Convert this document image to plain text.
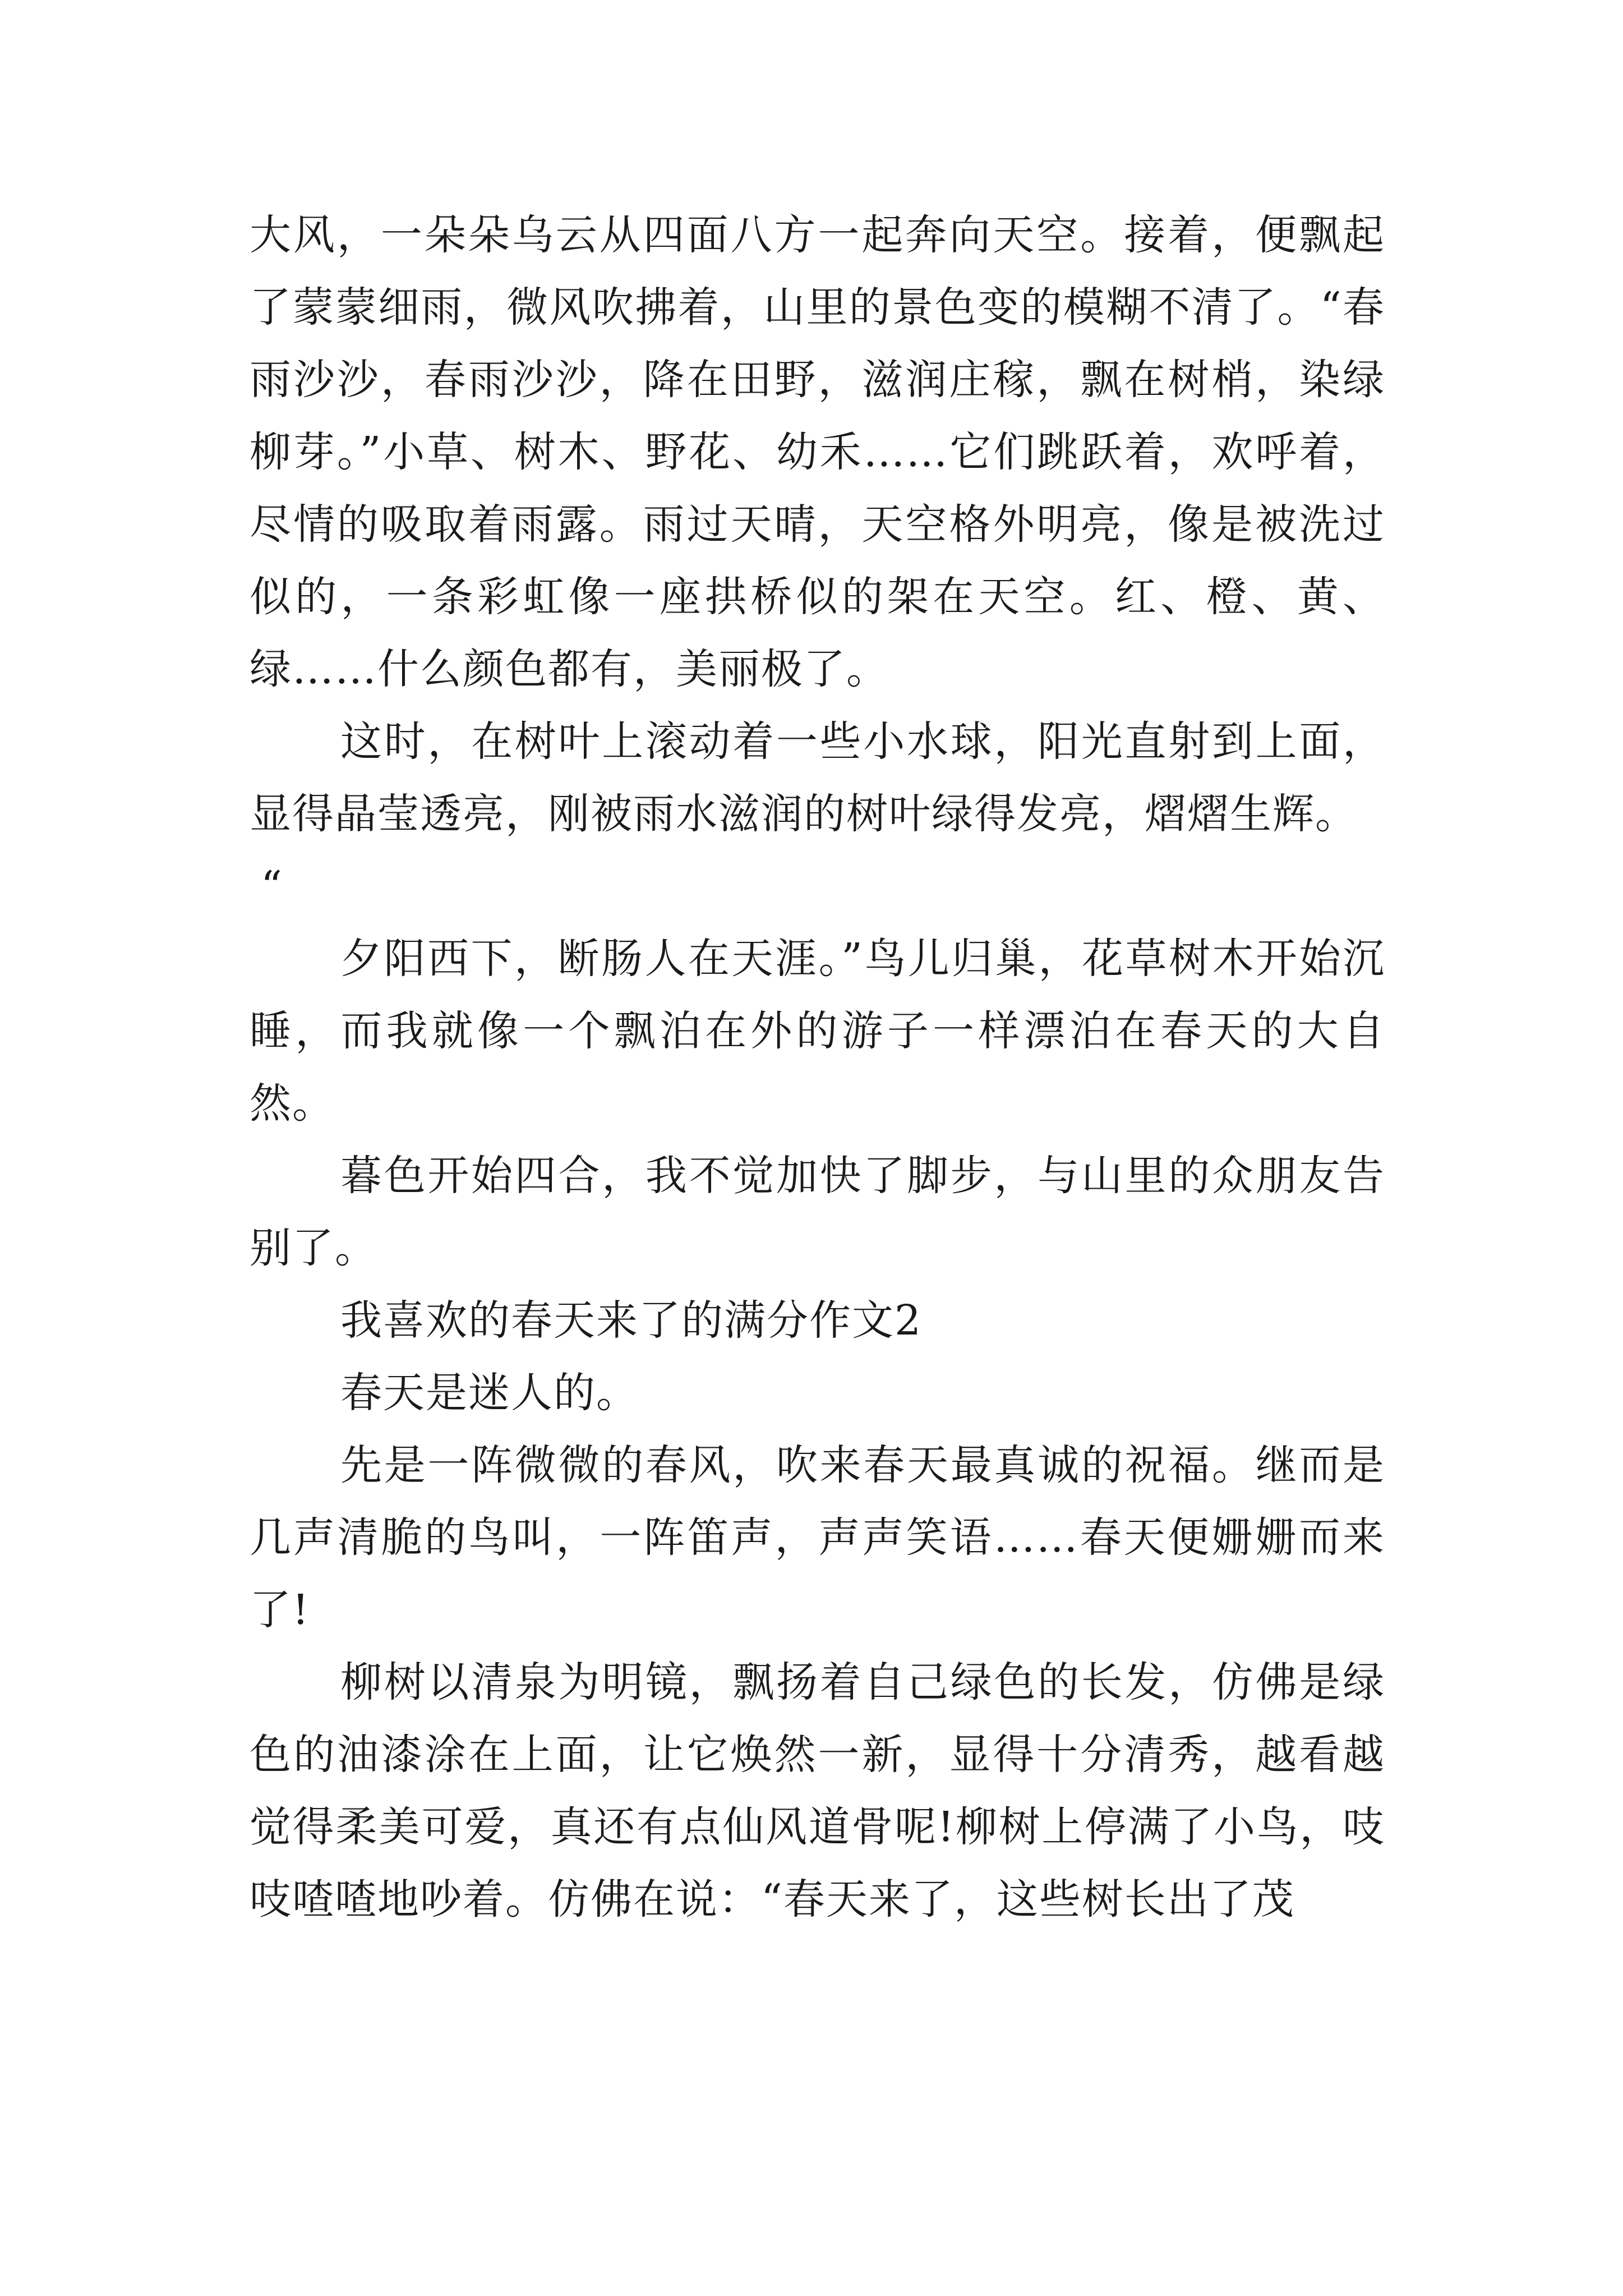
大风，一朵朵乌云从四面八方一起奔向天空。接着，便飘起了蒙蒙细雨，微风吹拂着，山里的景色变的模糊不清了。“春雨沙沙，春雨沙沙，降在田野，滋润庄稼，飘在树梢，染绿柳芽。”小草、树木、野花、幼禾……它们跳跃着，欢呼着，尽情的吸取着雨露。雨过天晴，天空格外明亮，像是被洗过似的，一条彩虹像一座拱桥似的架在天空。红、橙、黄、绿……什么颜色都有，美丽极了。

这时，在树叶上滚动着一些小水球，阳光直射到上面，显得晶莹透亮，刚被雨水滋润的树叶绿得发亮，熠熠生辉。

“

夕阳西下，断肠人在天涯。”鸟儿归巢，花草树木开始沉睡，而我就像一个飘泊在外的游子一样漂泊在春天的大自然。

暮色开始四合，我不觉加快了脚步，与山里的众朋友告别了。

我喜欢的春天来了的满分作文2

春天是迷人的。

先是一阵微微的春风，吹来春天最真诚的祝福。继而是几声清脆的鸟叫，一阵笛声，声声笑语……春天便姗姗而来了!

柳树以清泉为明镜，飘扬着自己绿色的长发，仿佛是绿色的油漆涂在上面，让它焕然一新，显得十分清秀，越看越觉得柔美可爱，真还有点仙风道骨呢!柳树上停满了小鸟，吱吱喳喳地吵着。仿佛在说：“春天来了，这些树长出了茂
